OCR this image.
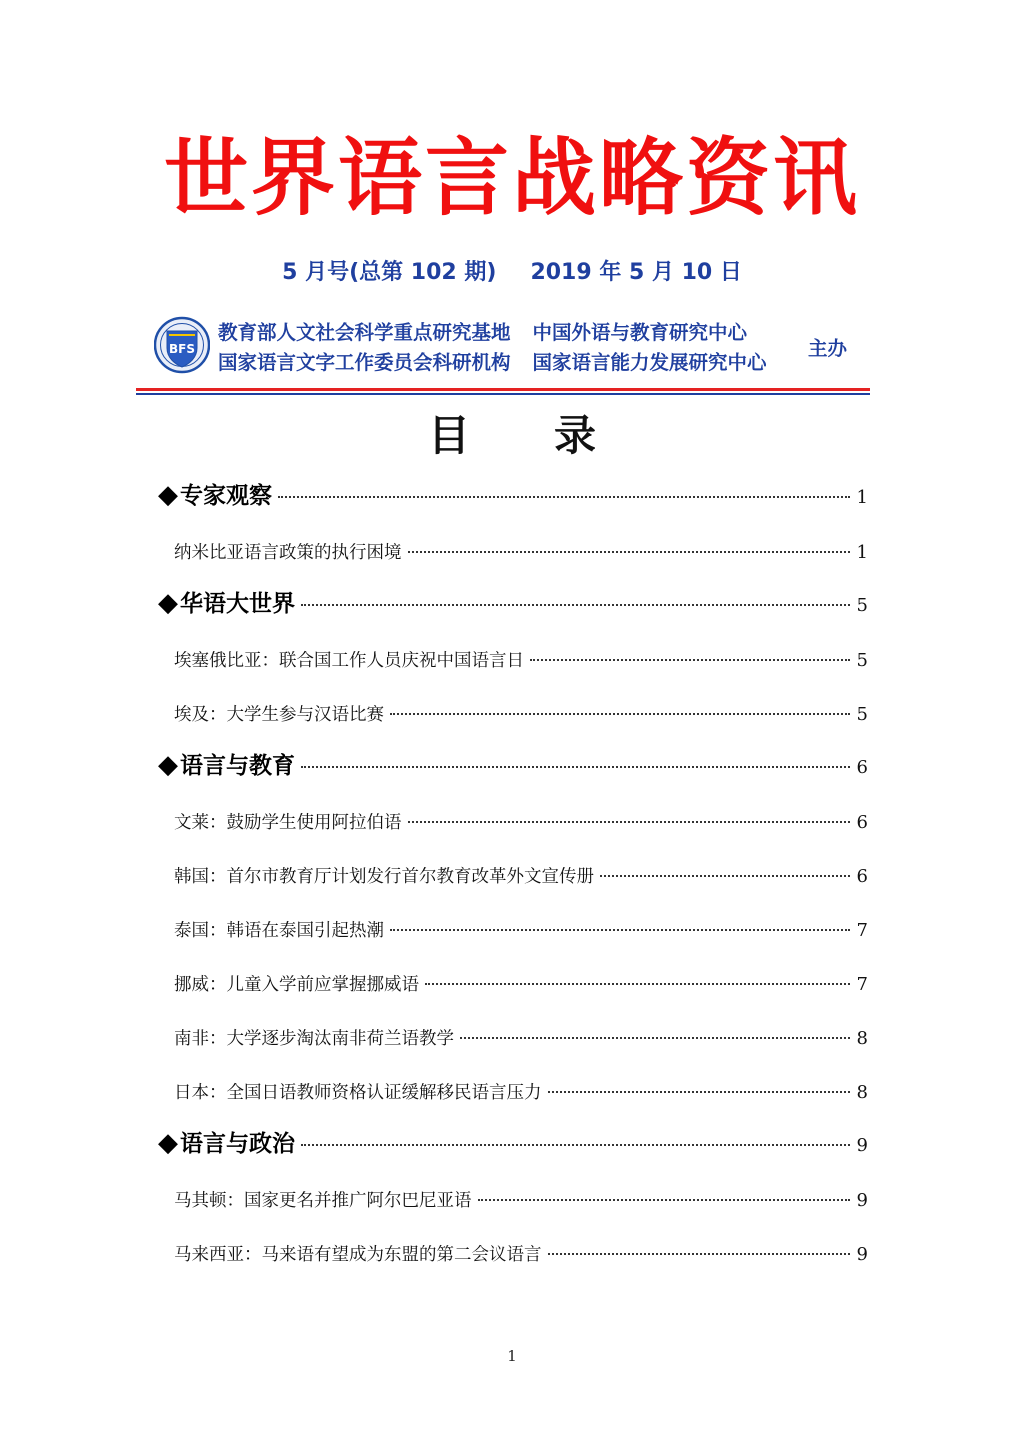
世界语言战略资讯
5 月号(总第 102 期) 2019 年 5 月 10 日
BFS
教育部人文社会科学重点研究基地 中国外语与教育研究中心
国家语言文字工作委员会科研机构 国家语言能力发展研究中心
主办
目　　录
◆ 专家观察	1
纳米比亚语言政策的执行困境	1
◆ 华语大世界	5
埃塞俄比亚：联合国工作人员庆祝中国语言日	5
埃及：大学生参与汉语比赛	5
◆ 语言与教育	6
文莱：鼓励学生使用阿拉伯语	6
韩国：首尔市教育厅计划发行首尔教育改革外文宣传册	6
泰国：韩语在泰国引起热潮	7
挪威：儿童入学前应掌握挪威语	7
南非：大学逐步淘汰南非荷兰语教学	8
日本：全国日语教师资格认证缓解移民语言压力	8
◆ 语言与政治	9
马其顿：国家更名并推广阿尔巴尼亚语	9
马来西亚：马来语有望成为东盟的第二会议语言	9
1
